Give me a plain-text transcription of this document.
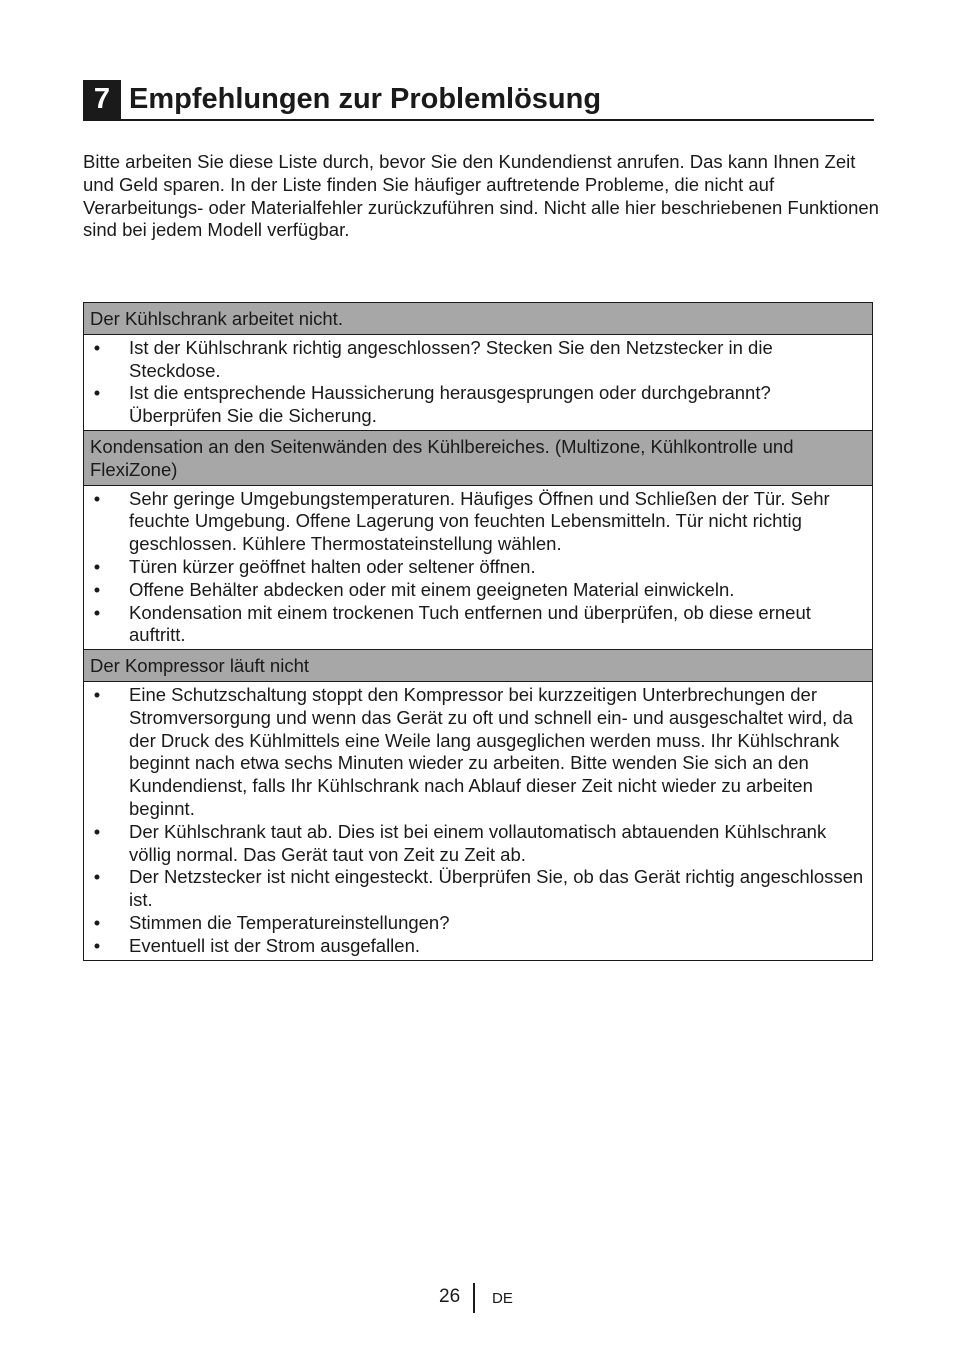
7 Empfehlungen zur Problemlösung

Bitte arbeiten Sie diese Liste durch, bevor Sie den Kundendienst anrufen. Das kann Ihnen Zeit und Geld sparen. In der Liste finden Sie häufiger auftretende Probleme, die nicht auf Verarbeitungs- oder Materialfehler zurückzuführen sind. Nicht alle hier beschriebenen Funktionen sind bei jedem Modell verfügbar.

Der Kühlschrank arbeitet nicht.

• Ist der Kühlschrank richtig angeschlossen? Stecken Sie den Netzstecker in die Steckdose.
• Ist die entsprechende Haussicherung herausgesprungen oder durchgebrannt? Überprüfen Sie die Sicherung.

Kondensation an den Seitenwänden des Kühlbereiches. (Multizone, Kühlkontrolle und FlexiZone)

• Sehr geringe Umgebungstemperaturen. Häufiges Öffnen und Schließen der Tür. Sehr feuchte Umgebung. Offene Lagerung von feuchten Lebensmitteln. Tür nicht richtig geschlossen. Kühlere Thermostateinstellung wählen.
• Türen kürzer geöffnet halten oder seltener öffnen.
• Offene Behälter abdecken oder mit einem geeigneten Material einwickeln.
• Kondensation mit einem trockenen Tuch entfernen und überprüfen, ob diese erneut auftritt.

Der Kompressor läuft nicht

• Eine Schutzschaltung stoppt den Kompressor bei kurzzeitigen Unterbrechungen der Stromversorgung und wenn das Gerät zu oft und schnell ein- und ausgeschaltet wird, da der Druck des Kühlmittels eine Weile lang ausgeglichen werden muss. Ihr Kühlschrank beginnt nach etwa sechs Minuten wieder zu arbeiten. Bitte wenden Sie sich an den Kundendienst, falls Ihr Kühlschrank nach Ablauf dieser Zeit nicht wieder zu arbeiten beginnt.
• Der Kühlschrank taut ab. Dies ist bei einem vollautomatisch abtauenden Kühlschrank völlig normal. Das Gerät taut von Zeit zu Zeit ab.
• Der Netzstecker ist nicht eingesteckt. Überprüfen Sie, ob das Gerät richtig angeschlossen ist.
• Stimmen die Temperatureinstellungen?
• Eventuell ist der Strom ausgefallen.
26 DE
